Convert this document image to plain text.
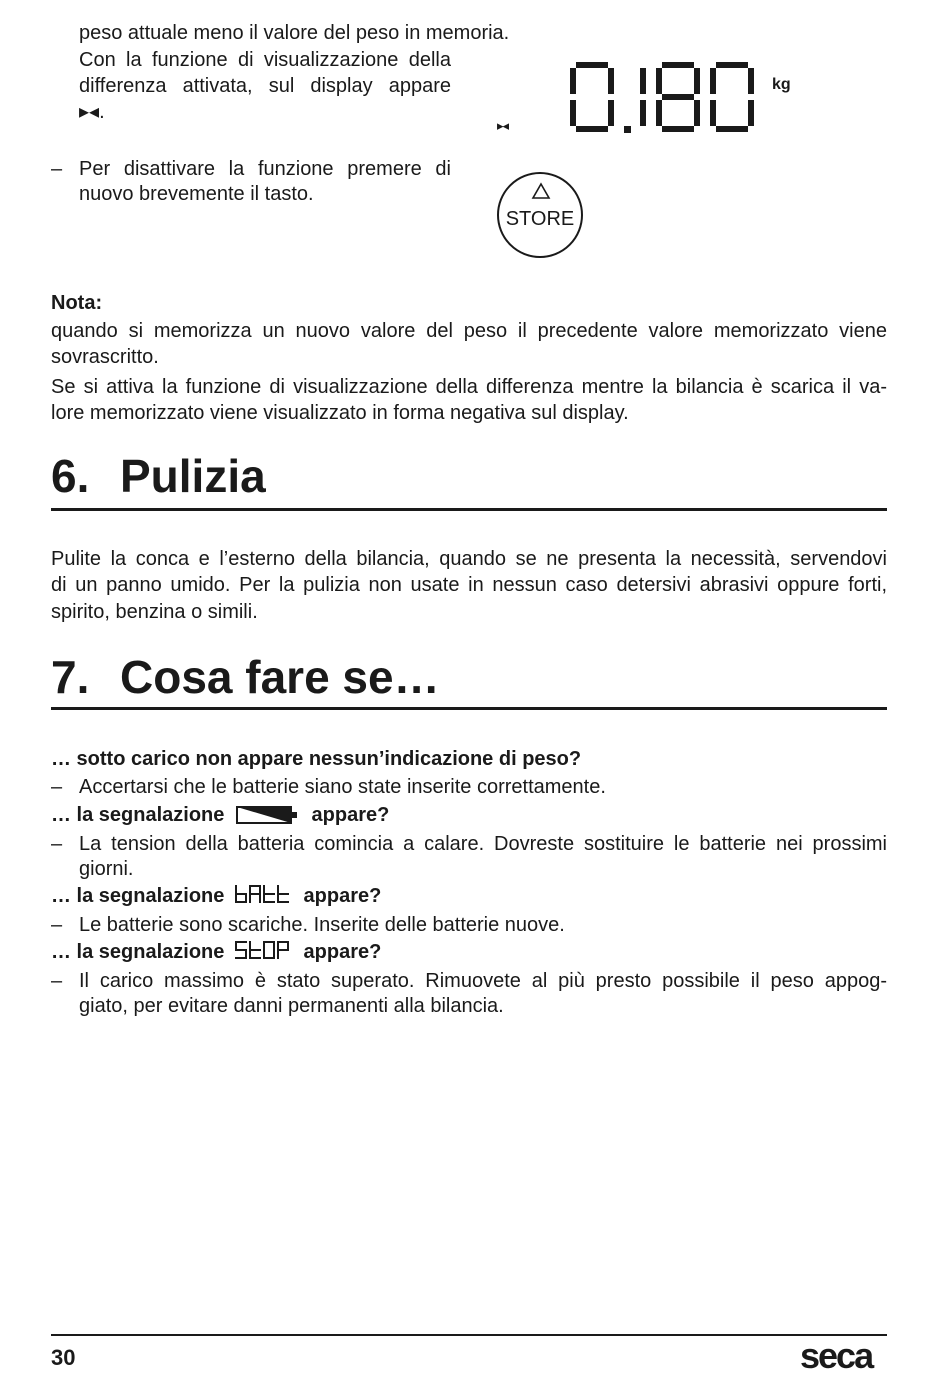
peso attuale meno il valore del peso in memoria.
Con la funzione di visualizzazione della
differenza attivata, sul display appare
▸◂.
– Per disattivare la funzione premere di
nuovo brevemente il tasto.
▸◂
kg
STORE
Nota:
quando si memorizza un nuovo valore del peso il precedente valore memorizzato viene
sovrascritto.
Se si attiva la funzione di visualizzazione della differenza mentre la bilancia è scarica il va-
lore memorizzato viene visualizzato in forma negativa sul display.
6. Pulizia
Pulite la conca e l’esterno della bilancia, quando se ne presenta la necessità, servendovi
di un panno umido. Per la pulizia non usate in nessun caso detersivi abrasivi oppure forti,
spirito, benzina o simili.
7. Cosa fare se…
… sotto carico non appare nessun’indicazione di peso?
– Accertarsi che le batterie siano state inserite correttamente.
… la segnalazione	appare?
– La tension della batteria comincia a calare. Dovreste sostituire le batterie nei prossimi
giorni.
… la segnalazione	appare?
– Le batterie sono scariche. Inserite delle batterie nuove.
… la segnalazione	appare?
– Il carico massimo è stato superato. Rimuovete al più presto possibile il peso appog-
giato, per evitare danni permanenti alla bilancia.
30	seca
